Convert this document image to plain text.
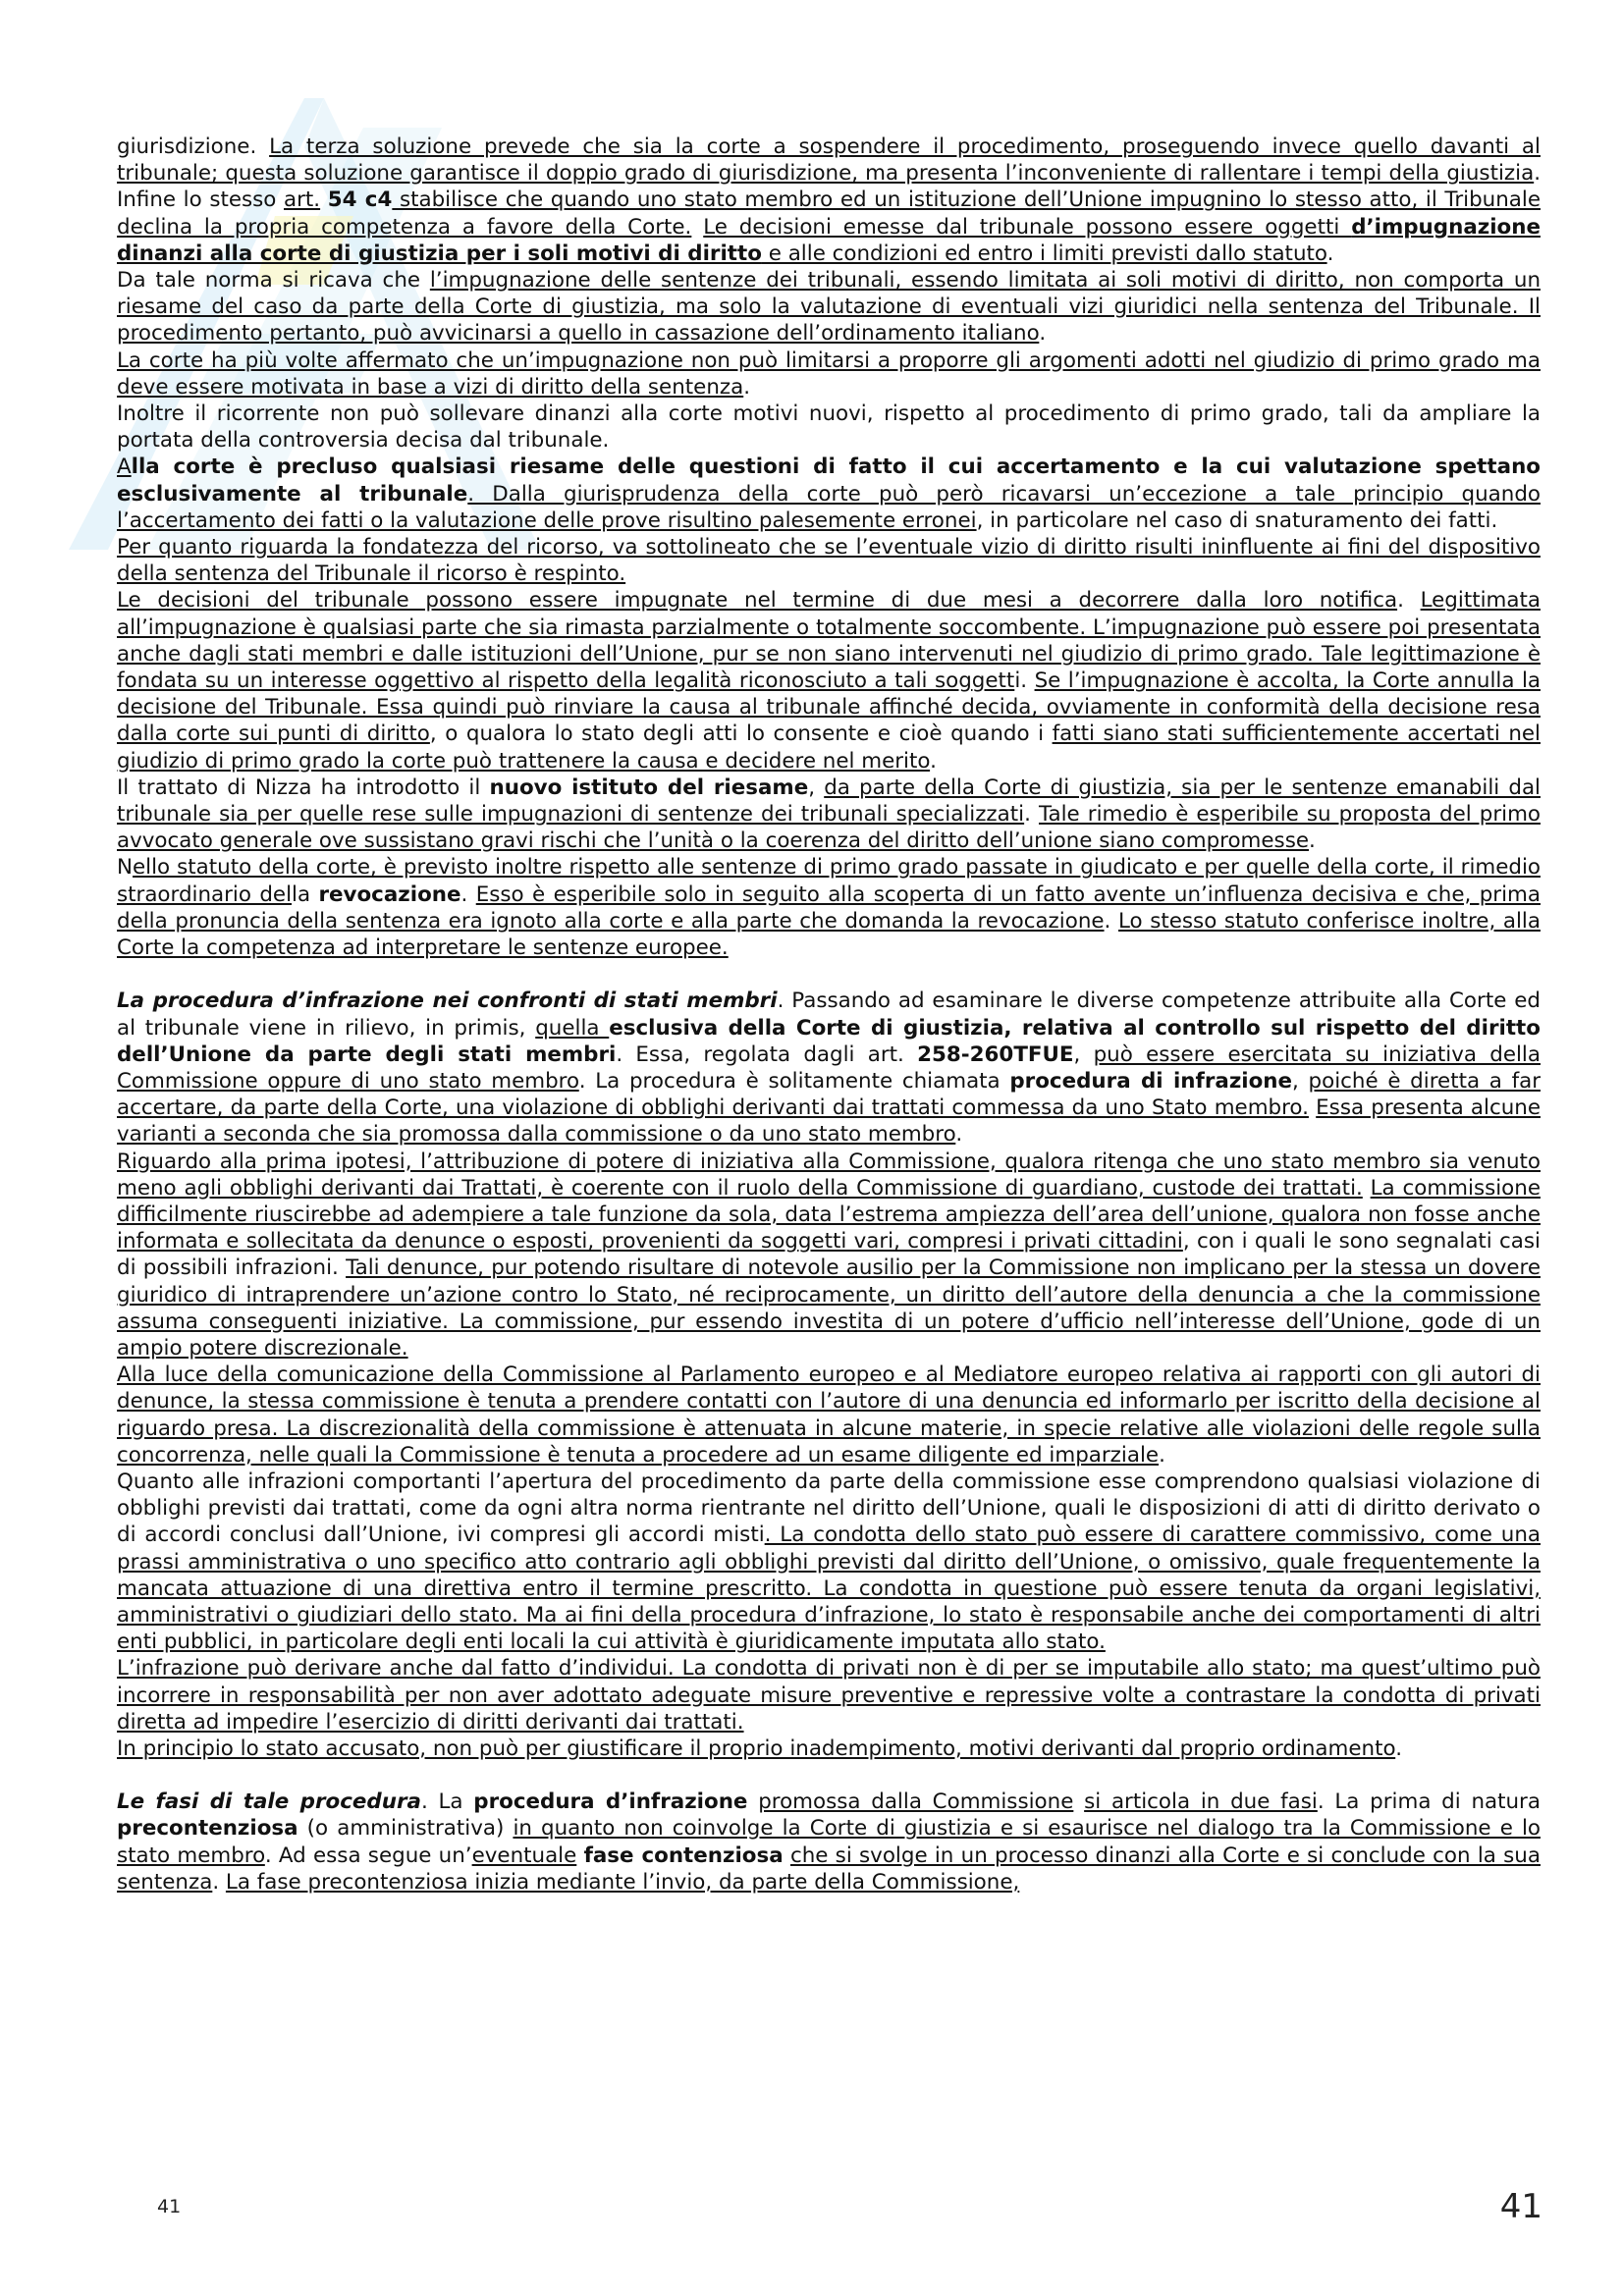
giurisdizione. La terza soluzione prevede che sia la corte a sospendere il procedimento, proseguendo invece quello davanti al tribunale; questa soluzione garantisce il doppio grado di giurisdizione, ma presenta l’inconveniente di rallentare i tempi della giustizia. Infine lo stesso art. 54 c4 stabilisce che quando uno stato membro ed un istituzione dell’Unione impugnino lo stesso atto, il Tribunale declina la propria competenza a favore della Corte. Le decisioni emesse dal tribunale possono essere oggetti d’impugnazione dinanzi alla corte di giustizia per i soli motivi di diritto e alle condizioni ed entro i limiti previsti dallo statuto.

Da tale norma si ricava che l’impugnazione delle sentenze dei tribunali, essendo limitata ai soli motivi di diritto, non comporta un riesame del caso da parte della Corte di giustizia, ma solo la valutazione di eventuali vizi giuridici nella sentenza del Tribunale. Il procedimento pertanto, può avvicinarsi a quello in cassazione dell’ordinamento italiano.

La corte ha più volte affermato che un’impugnazione non può limitarsi a proporre gli argomenti adotti nel giudizio di primo grado ma deve essere motivata in base a vizi di diritto della sentenza.

Inoltre il ricorrente non può sollevare dinanzi alla corte motivi nuovi, rispetto al procedimento di primo grado, tali da ampliare la portata della controversia decisa dal tribunale.

Alla corte è precluso qualsiasi riesame delle questioni di fatto il cui accertamento e la cui valutazione spettano esclusivamente al tribunale. Dalla giurisprudenza della corte può però ricavarsi un’eccezione a tale principio quando l’accertamento dei fatti o la valutazione delle prove risultino palesemente erronei, in particolare nel caso di snaturamento dei fatti.

Per quanto riguarda la fondatezza del ricorso, va sottolineato che se l’eventuale vizio di diritto risulti ininfluente ai fini del dispositivo della sentenza del Tribunale il ricorso è respinto.

Le decisioni del tribunale possono essere impugnate nel termine di due mesi a decorrere dalla loro notifica. Legittimata all’impugnazione è qualsiasi parte che sia rimasta parzialmente o totalmente soccombente. L’impugnazione può essere poi presentata anche dagli stati membri e dalle istituzioni dell’Unione, pur se non siano intervenuti nel giudizio di primo grado. Tale legittimazione è fondata su un interesse oggettivo al rispetto della legalità riconosciuto a tali soggetti. Se l’impugnazione è accolta, la Corte annulla la decisione del Tribunale. Essa quindi può rinviare la causa al tribunale affinché decida, ovviamente in conformità della decisione resa dalla corte sui punti di diritto, o qualora lo stato degli atti lo consente e cioè quando i fatti siano stati sufficientemente accertati nel giudizio di primo grado la corte può trattenere la causa e decidere nel merito.

Il trattato di Nizza ha introdotto il nuovo istituto del riesame, da parte della Corte di giustizia, sia per le sentenze emanabili dal tribunale sia per quelle rese sulle impugnazioni di sentenze dei tribunali specializzati. Tale rimedio è esperibile su proposta del primo avvocato generale ove sussistano gravi rischi che l’unità o la coerenza del diritto dell’unione siano compromesse.

Nello statuto della corte, è previsto inoltre rispetto alle sentenze di primo grado passate in giudicato e per quelle della corte, il rimedio straordinario della revocazione. Esso è esperibile solo in seguito alla scoperta di un fatto avente un’influenza decisiva e che, prima della pronuncia della sentenza era ignoto alla corte e alla parte che domanda la revocazione. Lo stesso statuto conferisce inoltre, alla Corte la competenza ad interpretare le sentenze europee.

La procedura d’infrazione nei confronti di stati membri. Passando ad esaminare le diverse competenze attribuite alla Corte ed al tribunale viene in rilievo, in primis, quella esclusiva della Corte di giustizia, relativa al controllo sul rispetto del diritto dell’Unione da parte degli stati membri. Essa, regolata dagli art. 258-260TFUE, può essere esercitata su iniziativa della Commissione oppure di uno stato membro. La procedura è solitamente chiamata procedura di infrazione, poiché è diretta a far accertare, da parte della Corte, una violazione di obblighi derivanti dai trattati commessa da uno Stato membro. Essa presenta alcune varianti a seconda che sia promossa dalla commissione o da uno stato membro.

Riguardo alla prima ipotesi, l’attribuzione di potere di iniziativa alla Commissione, qualora ritenga che uno stato membro sia venuto meno agli obblighi derivanti dai Trattati, è coerente con il ruolo della Commissione di guardiano, custode dei trattati. La commissione difficilmente riuscirebbe ad adempiere a tale funzione da sola, data l’estrema ampiezza dell’area dell’unione, qualora non fosse anche informata e sollecitata da denunce o esposti, provenienti da soggetti vari, compresi i privati cittadini, con i quali le sono segnalati casi di possibili infrazioni. Tali denunce, pur potendo risultare di notevole ausilio per la Commissione non implicano per la stessa un dovere giuridico di intraprendere un’azione contro lo Stato, né reciprocamente, un diritto dell’autore della denuncia a che la commissione assuma conseguenti iniziative. La commissione, pur essendo investita di un potere d’ufficio nell’interesse dell’Unione, gode di un ampio potere discrezionale.

Alla luce della comunicazione della Commissione al Parlamento europeo e al Mediatore europeo relativa ai rapporti con gli autori di denunce, la stessa commissione è tenuta a prendere contatti con l’autore di una denuncia ed informarlo per iscritto della decisione al riguardo presa. La discrezionalità della commissione è attenuata in alcune materie, in specie relative alle violazioni delle regole sulla concorrenza, nelle quali la Commissione è tenuta a procedere ad un esame diligente ed imparziale.

Quanto alle infrazioni comportanti l’apertura del procedimento da parte della commissione esse comprendono qualsiasi violazione di obblighi previsti dai trattati, come da ogni altra norma rientrante nel diritto dell’Unione, quali le disposizioni di atti di diritto derivato o di accordi conclusi dall’Unione, ivi compresi gli accordi misti. La condotta dello stato può essere di carattere commissivo, come una prassi amministrativa o uno specifico atto contrario agli obblighi previsti dal diritto dell’Unione, o omissivo, quale frequentemente la mancata attuazione di una direttiva entro il termine prescritto. La condotta in questione può essere tenuta da organi legislativi, amministrativi o giudiziari dello stato. Ma ai fini della procedura d’infrazione, lo stato è responsabile anche dei comportamenti di altri enti pubblici, in particolare degli enti locali la cui attività è giuridicamente imputata allo stato.

L’infrazione può derivare anche dal fatto d’individui. La condotta di privati non è di per se imputabile allo stato; ma quest’ultimo può incorrere in responsabilità per non aver adottato adeguate misure preventive e repressive volte a contrastare la condotta di privati diretta ad impedire l’esercizio di diritti derivanti dai trattati.

In principio lo stato accusato, non può per giustificare il proprio inadempimento, motivi derivanti dal proprio ordinamento.

Le fasi di tale procedura. La procedura d’infrazione promossa dalla Commissione si articola in due fasi. La prima di natura precontenziosa (o amministrativa) in quanto non coinvolge la Corte di giustizia e si esaurisce nel dialogo tra la Commissione e lo stato membro. Ad essa segue un’eventuale fase contenziosa che si svolge in un processo dinanzi alla Corte e si conclude con la sua sentenza. La fase precontenziosa inizia mediante l’invio, da parte della Commissione,

41	41
